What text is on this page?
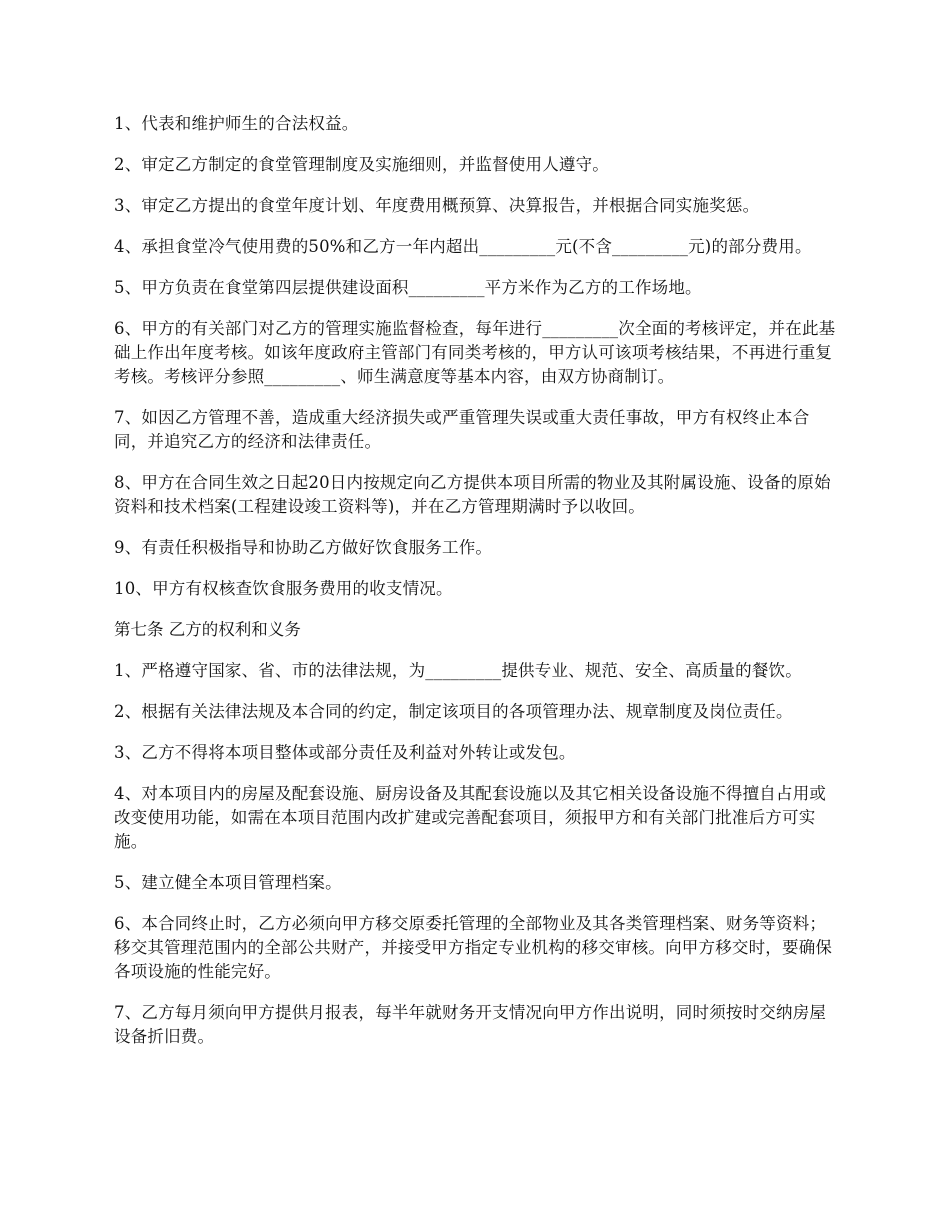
1、代表和维护师生的合法权益。

2、审定乙方制定的食堂管理制度及实施细则，并监督使用人遵守。

3、审定乙方提出的食堂年度计划、年度费用概预算、决算报告，并根据合同实施奖惩。

4、承担食堂冷气使用费的50%和乙方一年内超出_________元(不含_________元)的部分费用。

5、甲方负责在食堂第四层提供建设面积_________平方米作为乙方的工作场地。

6、甲方的有关部门对乙方的管理实施监督检查，每年进行_________次全面的考核评定，并在此基础上作出年度考核。如该年度政府主管部门有同类考核的，甲方认可该项考核结果，不再进行重复考核。考核评分参照_________、师生满意度等基本内容，由双方协商制订。

7、如因乙方管理不善，造成重大经济损失或严重管理失误或重大责任事故，甲方有权终止本合同，并追究乙方的经济和法律责任。

8、甲方在合同生效之日起20日内按规定向乙方提供本项目所需的物业及其附属设施、设备的原始资料和技术档案(工程建设竣工资料等)，并在乙方管理期满时予以收回。

9、有责任积极指导和协助乙方做好饮食服务工作。

10、甲方有权核查饮食服务费用的收支情况。

第七条 乙方的权利和义务

1、严格遵守国家、省、市的法律法规，为_________提供专业、规范、安全、高质量的餐饮。

2、根据有关法律法规及本合同的约定，制定该项目的各项管理办法、规章制度及岗位责任。

3、乙方不得将本项目整体或部分责任及利益对外转让或发包。

4、对本项目内的房屋及配套设施、厨房设备及其配套设施以及其它相关设备设施不得擅自占用或改变使用功能，如需在本项目范围内改扩建或完善配套项目，须报甲方和有关部门批准后方可实施。

5、建立健全本项目管理档案。

6、本合同终止时，乙方必须向甲方移交原委托管理的全部物业及其各类管理档案、财务等资料；移交其管理范围内的全部公共财产，并接受甲方指定专业机构的移交审核。向甲方移交时，要确保各项设施的性能完好。

7、乙方每月须向甲方提供月报表，每半年就财务开支情况向甲方作出说明，同时须按时交纳房屋设备折旧费。
